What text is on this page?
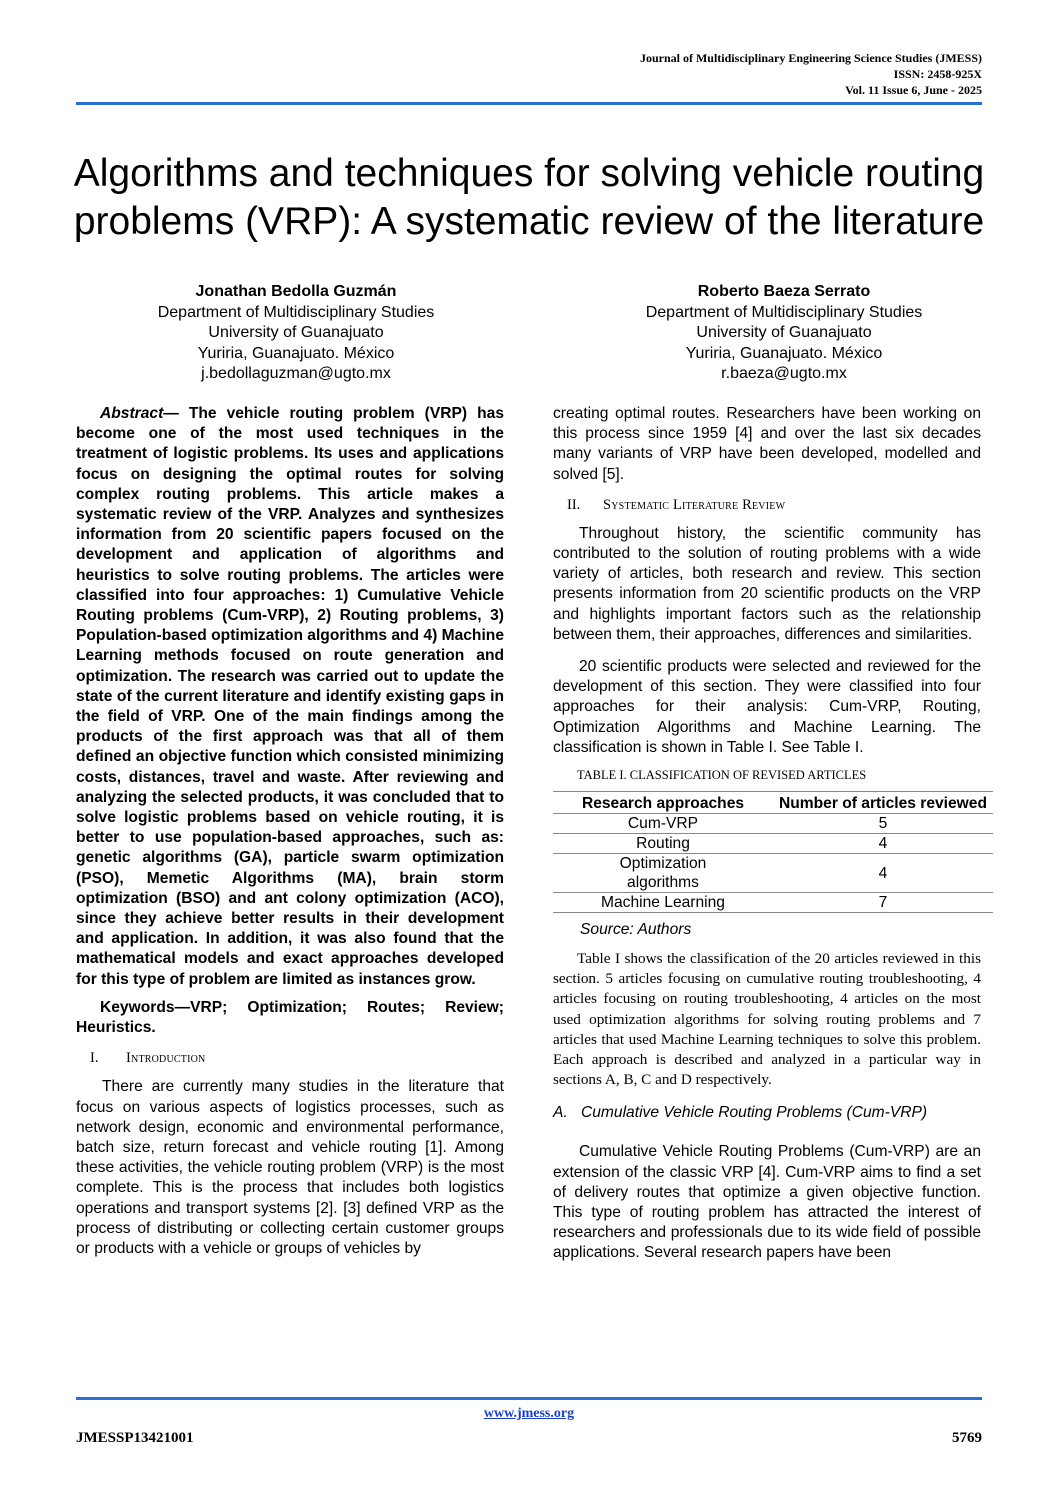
Journal of Multidisciplinary Engineering Science Studies (JMESS)
ISSN: 2458-925X
Vol. 11 Issue 6, June - 2025
Algorithms and techniques for solving vehicle routing problems (VRP): A systematic review of the literature
Jonathan Bedolla Guzmán
Department of Multidisciplinary Studies
University of Guanajuato
Yuriria, Guanajuato. México
j.bedollaguzman@ugto.mx
Roberto Baeza Serrato
Department of Multidisciplinary Studies
University of Guanajuato
Yuriria, Guanajuato. México
r.baeza@ugto.mx

Abstract— The vehicle routing problem (VRP) has become one of the most used techniques in the treatment of logistic problems. Its uses and applications focus on designing the optimal routes for solving complex routing problems. This article makes a systematic review of the VRP. Analyzes and synthesizes information from 20 scientific papers focused on the development and application of algorithms and heuristics to solve routing problems. The articles were classified into four approaches: 1) Cumulative Vehicle Routing problems (Cum-VRP), 2) Routing problems, 3) Population-based optimization algorithms and 4) Machine Learning methods focused on route generation and optimization. The research was carried out to update the state of the current literature and identify existing gaps in the field of VRP. One of the main findings among the products of the first approach was that all of them defined an objective function which consisted minimizing costs, distances, travel and waste. After reviewing and analyzing the selected products, it was concluded that to solve logistic problems based on vehicle routing, it is better to use population-based approaches, such as: genetic algorithms (GA), particle swarm optimization (PSO), Memetic Algorithms (MA), brain storm optimization (BSO) and ant colony optimization (ACO), since they achieve better results in their development and application. In addition, it was also found that the mathematical models and exact approaches developed for this type of problem are limited as instances grow.

Keywords—VRP; Optimization; Routes; Review; Heuristics.

I. Introduction

There are currently many studies in the literature that focus on various aspects of logistics processes, such as network design, economic and environmental performance, batch size, return forecast and vehicle routing [1]. Among these activities, the vehicle routing problem (VRP) is the most complete. This is the process that includes both logistics operations and transport systems [2]. [3] defined VRP as the process of distributing or collecting certain customer groups or products with a vehicle or groups of vehicles by

creating optimal routes. Researchers have been working on this process since 1959 [4] and over the last six decades many variants of VRP have been developed, modelled and solved [5].

II. Systematic Literature Review

Throughout history, the scientific community has contributed to the solution of routing problems with a wide variety of articles, both research and review. This section presents information from 20 scientific products on the VRP and highlights important factors such as the relationship between them, their approaches, differences and similarities.

20 scientific products were selected and reviewed for the development of this section. They were classified into four approaches for their analysis: Cum-VRP, Routing, Optimization Algorithms and Machine Learning. The classification is shown in Table I. See Table I.

TABLE I. CLASSIFICATION OF REVISED ARTICLES
Research approaches	Number of articles reviewed
Cum-VRP	5
Routing	4
Optimization algorithms	4
Machine Learning	7
Source: Authors

Table I shows the classification of the 20 articles reviewed in this section. 5 articles focusing on cumulative routing troubleshooting, 4 articles focusing on routing troubleshooting, 4 articles on the most used optimization algorithms for solving routing problems and 7 articles that used Machine Learning techniques to solve this problem. Each approach is described and analyzed in a particular way in sections A, B, C and D respectively.

A. Cumulative Vehicle Routing Problems (Cum-VRP)

Cumulative Vehicle Routing Problems (Cum-VRP) are an extension of the classic VRP [4]. Cum-VRP aims to find a set of delivery routes that optimize a given objective function. This type of routing problem has attracted the interest of researchers and professionals due to its wide field of possible applications. Several research papers have been

www.jmess.org
JMESSP13421001	5769
